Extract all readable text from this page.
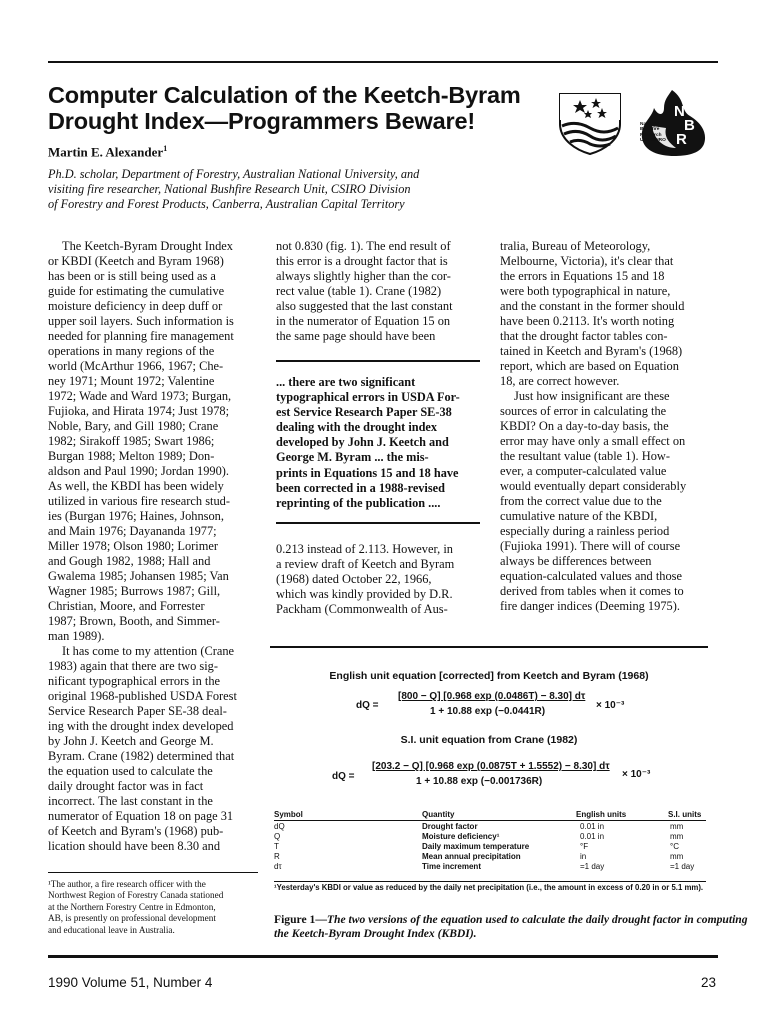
Computer Calculation of the Keetch-Byram
Drought Index—Programmers Beware!
Martin E. Alexander$^1$
Ph.D. scholar, Department of Forestry, Australian National University, and
visiting fire researcher, National Bushfire Research Unit, CSIRO Division
of Forestry and Forest Products, Canberra, Australian Capital Territory
N
B
R
National
Bushfire
Research
Unit CSIRO
The Keetch-Byram Drought Index
or KBDI (Keetch and Byram 1968)
has been or is still being used as a
guide for estimating the cumulative
moisture deficiency in deep duff or
upper soil layers. Such information is
needed for planning fire management
operations in many regions of the
world (McArthur 1966, 1967; Che-
ney 1971; Mount 1972; Valentine
1972; Wade and Ward 1973; Burgan,
Fujioka, and Hirata 1974; Just 1978;
Noble, Bary, and Gill 1980; Crane
1982; Sirakoff 1985; Swart 1986;
Burgan 1988; Melton 1989; Don-
aldson and Paul 1990; Jordan 1990).
As well, the KBDI has been widely
utilized in various fire research stud-
ies (Burgan 1976; Haines, Johnson,
and Main 1976; Dayananda 1977;
Miller 1978; Olson 1980; Lorimer
and Gough 1982, 1988; Hall and
Gwalema 1985; Johansen 1985; Van
Wagner 1985; Burrows 1987; Gill,
Christian, Moore, and Forrester
1987; Brown, Booth, and Simmer-
man 1989).
It has come to my attention (Crane
1983) again that there are two sig-
nificant typographical errors in the
original 1968-published USDA Forest
Service Research Paper SE-38 deal-
ing with the drought index developed
by John J. Keetch and George M.
Byram. Crane (1982) determined that
the equation used to calculate the
daily drought factor was in fact
incorrect. The last constant in the
numerator of Equation 18 on page 31
of Keetch and Byram's (1968) pub-
lication should have been 8.30 and
not 0.830 (fig. 1). The end result of
this error is a drought factor that is
always slightly higher than the cor-
rect value (table 1). Crane (1982)
also suggested that the last constant
in the numerator of Equation 15 on
the same page should have been
... there are two significant
typographical errors in USDA For-
est Service Research Paper SE-38
dealing with the drought index
developed by John J. Keetch and
George M. Byram ... the mis-
prints in Equations 15 and 18 have
been corrected in a 1988-revised
reprinting of the publication ....
0.213 instead of 2.113. However, in
a review draft of Keetch and Byram
(1968) dated October 22, 1966,
which was kindly provided by D.R.
Packham (Commonwealth of Aus-
tralia, Bureau of Meteorology,
Melbourne, Victoria), it's clear that
the errors in Equations 15 and 18
were both typographical in nature,
and the constant in the former should
have been 0.2113. It's worth noting
that the drought factor tables con-
tained in Keetch and Byram's (1968)
report, which are based on Equation
18, are correct however.
Just how insignificant are these
sources of error in calculating the
KBDI? On a day-to-day basis, the
error may have only a small effect on
the resultant value (table 1). How-
ever, a computer-calculated value
would eventually depart considerably
from the correct value due to the
cumulative nature of the KBDI,
especially during a rainless period
(Fujioka 1991). There will of course
always be differences between
equation-calculated values and those
derived from tables when it comes to
fire danger indices (Deeming 1975).
¹The author, a fire research officer with the
Northwest Region of Forestry Canada stationed
at the Northern Forestry Centre in Edmonton,
AB, is presently on professional development
and educational leave in Australia.
English unit equation [corrected] from Keetch and Byram (1968)
dQ =
[800 − Q] [0.968 exp (0.0486T) − 8.30] dτ
1 + 10.88 exp (−0.0441R)
× 10⁻³
S.I. unit equation from Crane (1982)
dQ =
[203.2 − Q] [0.968 exp (0.0875T + 1.5552) − 8.30] dτ
1 + 10.88 exp (−0.001736R)
× 10⁻³
Symbol	Quantity	English units	S.I. units
dQ	Drought factor	0.01 in	mm
Q	Moisture deficiency¹	0.01 in	mm
T	Daily maximum temperature	°F	°C
R	Mean annual precipitation	in	mm
dτ	Time increment	=1 day	=1 day
¹Yesterday's KBDI or value as reduced by the daily net precipitation (i.e., the amount in excess of 0.20 in or 5.1 mm).
Figure 1—The two versions of the equation used to calculate the daily drought factor in computing
the Keetch-Byram Drought Index (KBDI).
1990 Volume 51, Number 4	23
